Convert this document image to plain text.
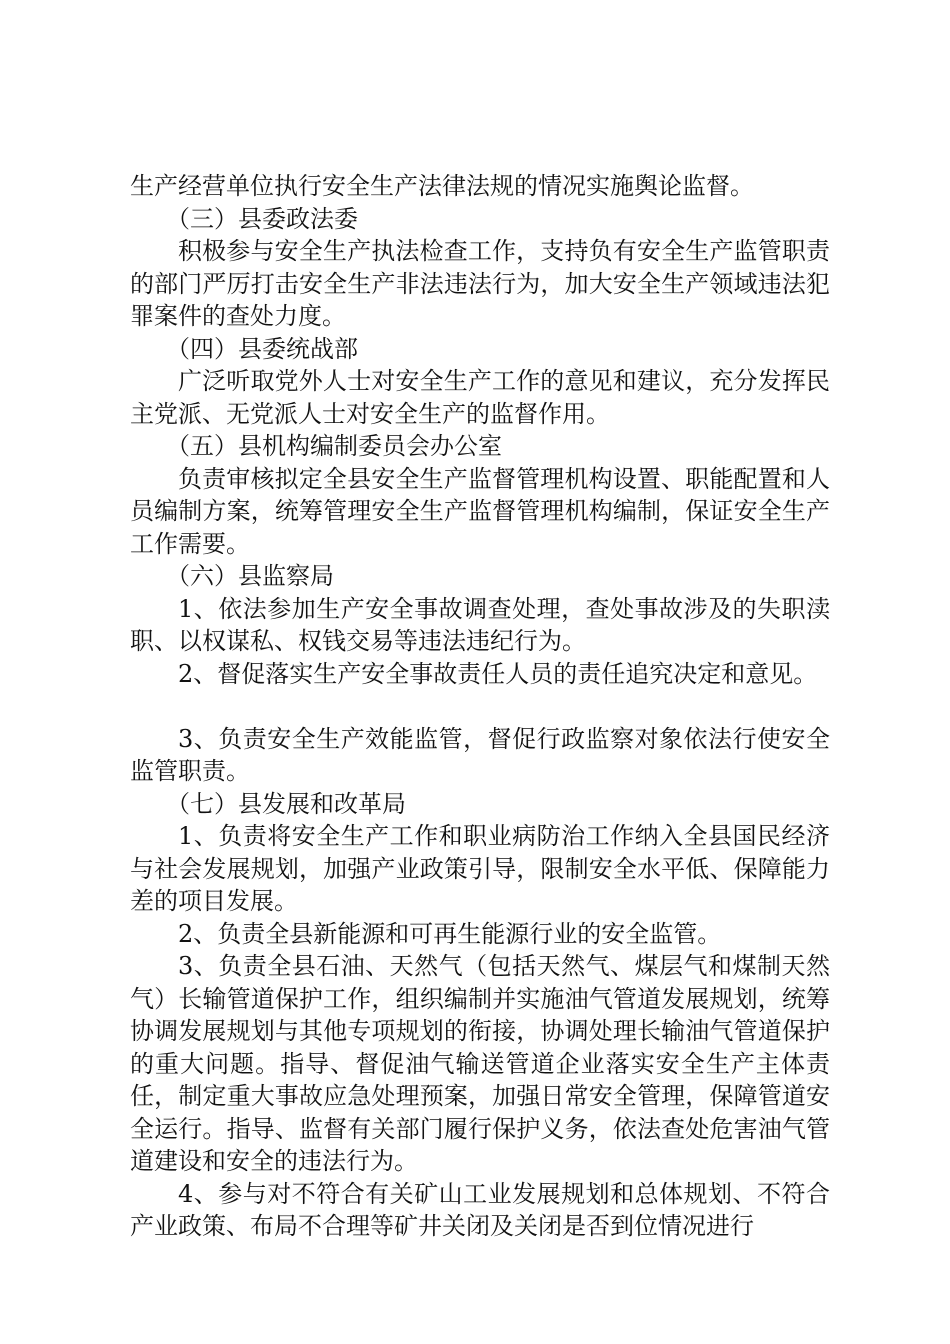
生产经营单位执行安全生产法律法规的情况实施舆论监督。

（三）县委政法委

积极参与安全生产执法检查工作，支持负有安全生产监管职责的部门严厉打击安全生产非法违法行为，加大安全生产领域违法犯罪案件的查处力度。

（四）县委统战部

广泛听取党外人士对安全生产工作的意见和建议，充分发挥民主党派、无党派人士对安全生产的监督作用。

（五）县机构编制委员会办公室

负责审核拟定全县安全生产监督管理机构设置、职能配置和人员编制方案，统筹管理安全生产监督管理机构编制，保证安全生产工作需要。

（六）县监察局

1、依法参加生产安全事故调查处理，查处事故涉及的失职渎职、以权谋私、权钱交易等违法违纪行为。

2、督促落实生产安全事故责任人员的责任追究决定和意见。

3、负责安全生产效能监管，督促行政监察对象依法行使安全监管职责。

（七）县发展和改革局

1、负责将安全生产工作和职业病防治工作纳入全县国民经济与社会发展规划，加强产业政策引导，限制安全水平低、保障能力差的项目发展。

2、负责全县新能源和可再生能源行业的安全监管。

3、负责全县石油、天然气（包括天然气、煤层气和煤制天然气）长输管道保护工作，组织编制并实施油气管道发展规划，统筹协调发展规划与其他专项规划的衔接，协调处理长输油气管道保护的重大问题。指导、督促油气输送管道企业落实安全生产主体责任，制定重大事故应急处理预案，加强日常安全管理，保障管道安全运行。指导、监督有关部门履行保护义务，依法查处危害油气管道建设和安全的违法行为。

4、参与对不符合有关矿山工业发展规划和总体规划、不符合产业政策、布局不合理等矿井关闭及关闭是否到位情况进行
